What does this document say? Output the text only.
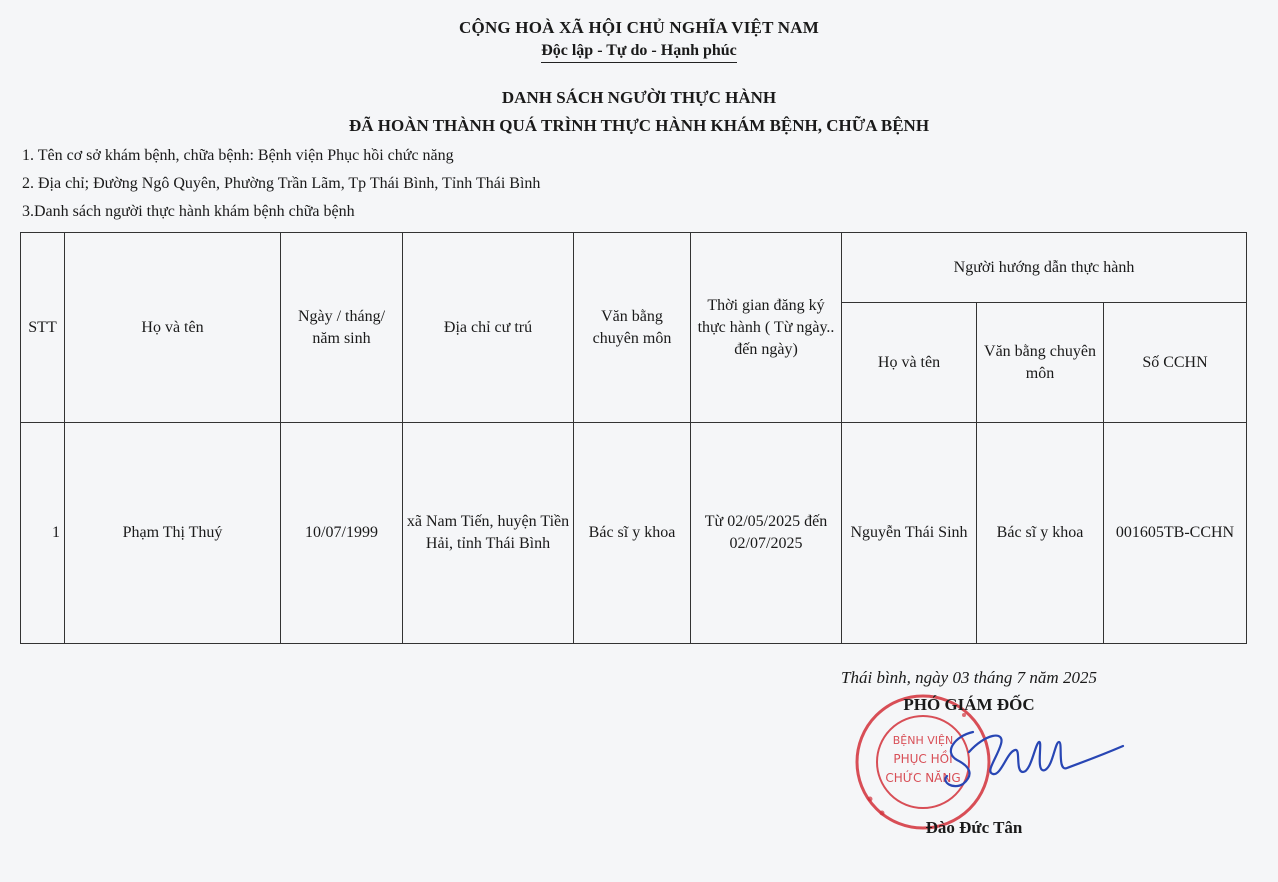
CỘNG HOÀ XÃ HỘI CHỦ NGHĨA VIỆT NAM
Độc lập - Tự do - Hạnh phúc
DANH SÁCH NGƯỜI THỰC HÀNH
ĐÃ HOÀN THÀNH QUÁ TRÌNH THỰC HÀNH KHÁM BỆNH, CHỮA BỆNH
1. Tên cơ sở khám bệnh, chữa bệnh: Bệnh viện Phục hồi chức năng
2. Địa chỉ; Đường Ngô Quyên, Phường Trần Lãm, Tp Thái Bình, Tỉnh Thái Bình
3.Danh sách người thực hành khám bệnh chữa bệnh
STT	Họ và tên	Ngày / tháng/ năm sinh	Địa chỉ cư trú	Văn bằng chuyên môn	Thời gian đăng ký thực hành ( Từ ngày.. đến ngày)	Người hướng dẫn thực hành		
						Họ và tên	Văn bằng chuyên môn	Số CCHN
1	Phạm Thị Thuý	10/07/1999	xã Nam Tiến, huyện Tiền Hải, tỉnh Thái Bình	Bác sĩ y khoa	Từ 02/05/2025 đến 02/07/2025	Nguyễn Thái Sinh	Bác sĩ y khoa	001605TB-CCHN
Thái bình, ngày 03 tháng 7 năm 2025
PHÓ GIÁM ĐỐC
BỆNH VIỆN
PHỤC HỒI
CHỨC NĂNG
Đào Đức Tân
